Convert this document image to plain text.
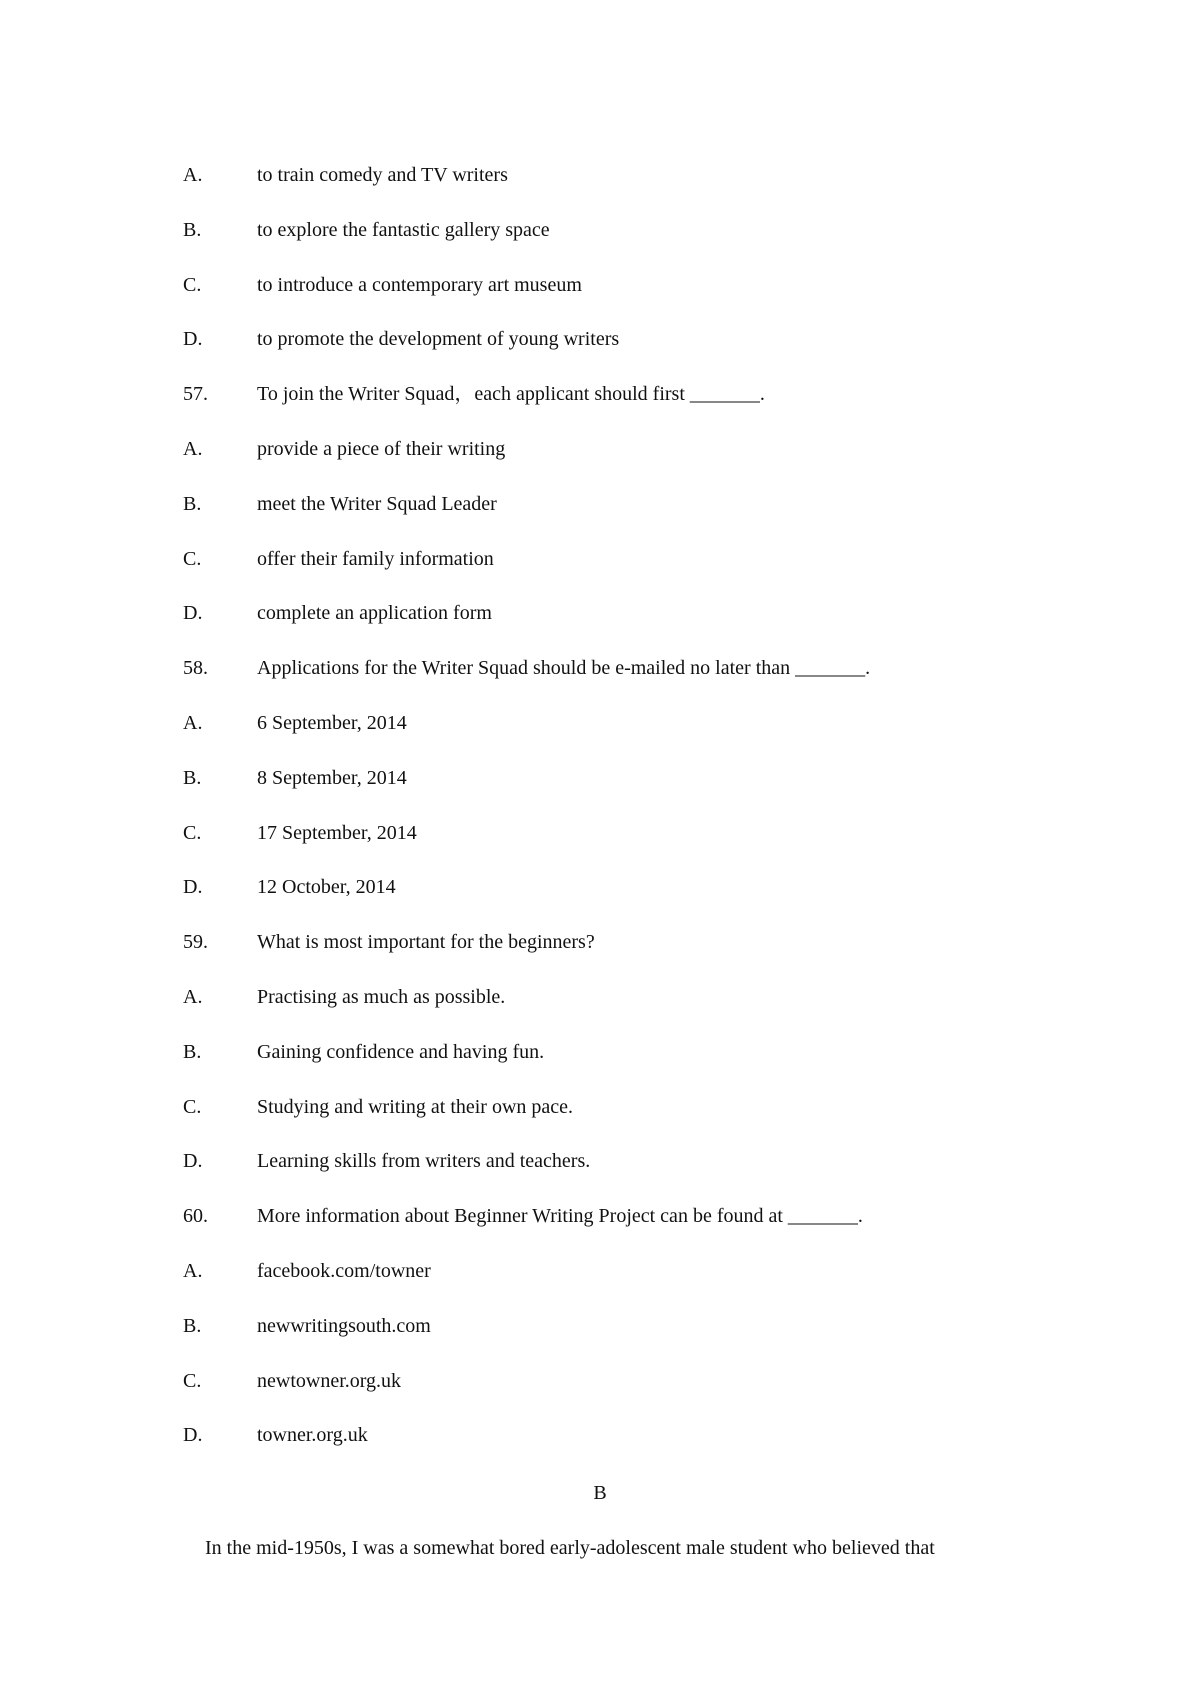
A.	to train comedy and TV writers
B.	to explore the fantastic gallery space
C.	to introduce a contemporary art museum
D.	to promote the development of young writers
57. To join the Writer Squad，each applicant should first _______.
A.	provide a piece of their writing
B.	meet the Writer Squad Leader
C.	offer their family information
D.	complete an application form
58. Applications for the Writer Squad should be e-mailed no later than _______.
A.	6 September, 2014
B.	8 September, 2014
C.	17 September, 2014
D.	12 October, 2014
59. What is most important for the beginners?
A.	Practising as much as possible.
B.	Gaining confidence and having fun.
C.	Studying and writing at their own pace.
D.	Learning skills from writers and teachers.
60. More information about Beginner Writing Project can be found at _______.
A.	facebook.com/towner
B.	newwritingsouth.com
C.	newtowner.org.uk
D.	towner.org.uk
B
In the mid-1950s, I was a somewhat bored early-adolescent male student who believed that
